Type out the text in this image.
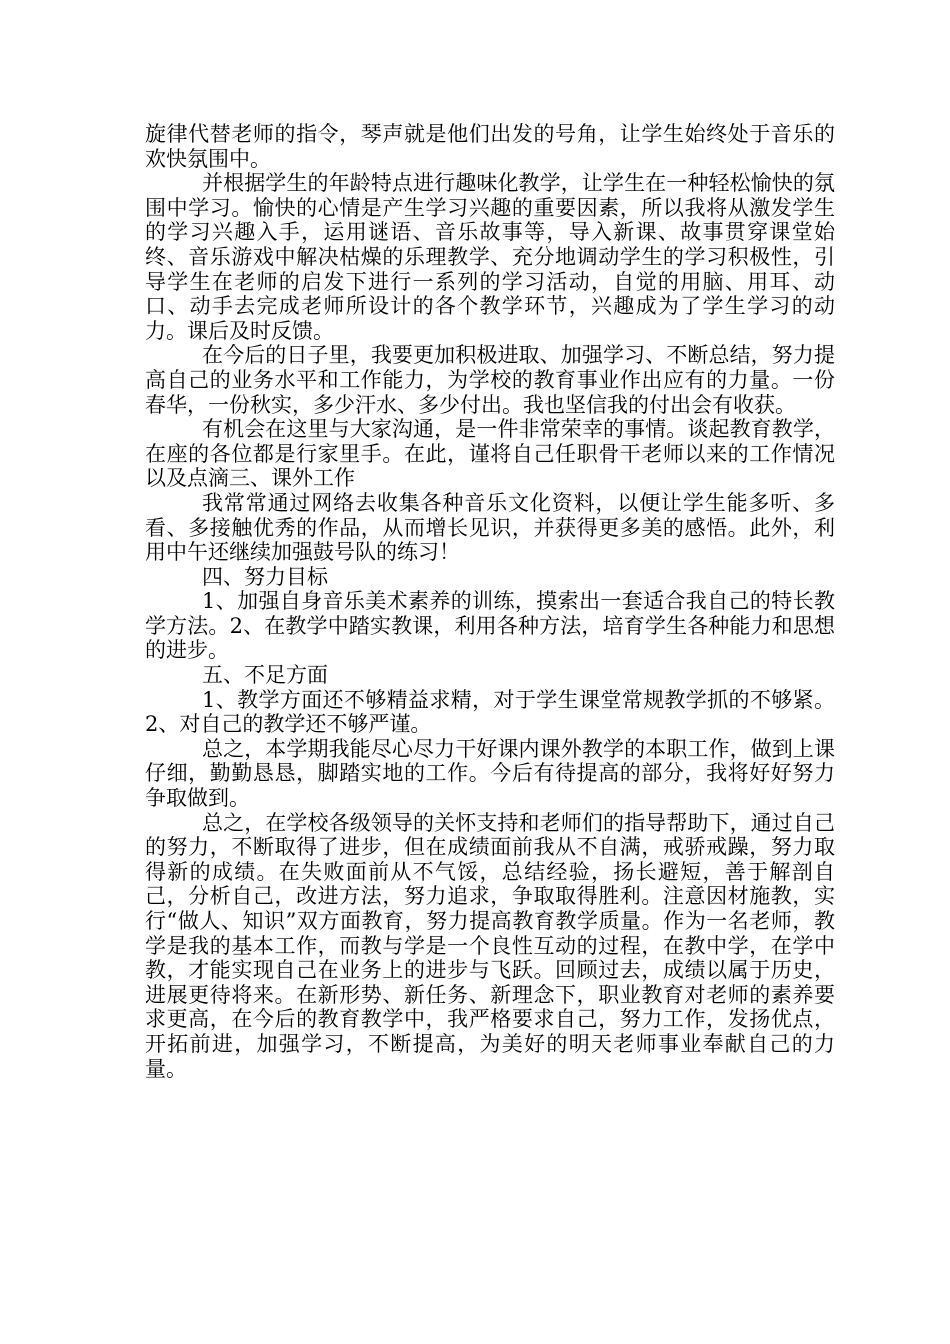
旋律代替老师的指令，琴声就是他们出发的号角，让学生始终处于音乐的欢快氛围中。

并根据学生的年龄特点进行趣味化教学，让学生在一种轻松愉快的氛围中学习。愉快的心情是产生学习兴趣的重要因素，所以我将从激发学生的学习兴趣入手，运用谜语、音乐故事等，导入新课、故事贯穿课堂始终、音乐游戏中解决枯燥的乐理教学、充分地调动学生的学习积极性，引导学生在老师的启发下进行一系列的学习活动，自觉的用脑、用耳、动口、动手去完成老师所设计的各个教学环节，兴趣成为了学生学习的动力。课后及时反馈。

在今后的日子里，我要更加积极进取、加强学习、不断总结，努力提高自己的业务水平和工作能力，为学校的教育事业作出应有的力量。一份春华，一份秋实，多少汗水、多少付出。我也坚信我的付出会有收获。

有机会在这里与大家沟通，是一件非常荣幸的事情。谈起教育教学，在座的各位都是行家里手。在此，谨将自己任职骨干老师以来的工作情况以及点滴三、课外工作

我常常通过网络去收集各种音乐文化资料，以便让学生能多听、多看、多接触优秀的作品，从而增长见识，并获得更多美的感悟。此外，利用中午还继续加强鼓号队的练习！

四、努力目标

1、加强自身音乐美术素养的训练，摸索出一套适合我自己的特长教学方法。2、在教学中踏实教课，利用各种方法，培育学生各种能力和思想的进步。

五、不足方面

1、教学方面还不够精益求精，对于学生课堂常规教学抓的不够紧。2、对自己的教学还不够严谨。

总之，本学期我能尽心尽力干好课内课外教学的本职工作，做到上课仔细，勤勤恳恳，脚踏实地的工作。今后有待提高的部分，我将好好努力争取做到。

总之，在学校各级领导的关怀支持和老师们的指导帮助下，通过自己的努力，不断取得了进步，但在成绩面前我从不自满，戒骄戒躁，努力取得新的成绩。在失败面前从不气馁，总结经验，扬长避短，善于解剖自己，分析自己，改进方法，努力追求，争取取得胜利。注意因材施教，实行“做人、知识”双方面教育，努力提高教育教学质量。作为一名老师，教学是我的基本工作，而教与学是一个良性互动的过程，在教中学，在学中教，才能实现自己在业务上的进步与飞跃。回顾过去，成绩以属于历史，进展更待将来。在新形势、新任务、新理念下，职业教育对老师的素养要求更高，在今后的教育教学中，我严格要求自己，努力工作，发扬优点，开拓前进，加强学习，不断提高，为美好的明天老师事业奉献自己的力量。
